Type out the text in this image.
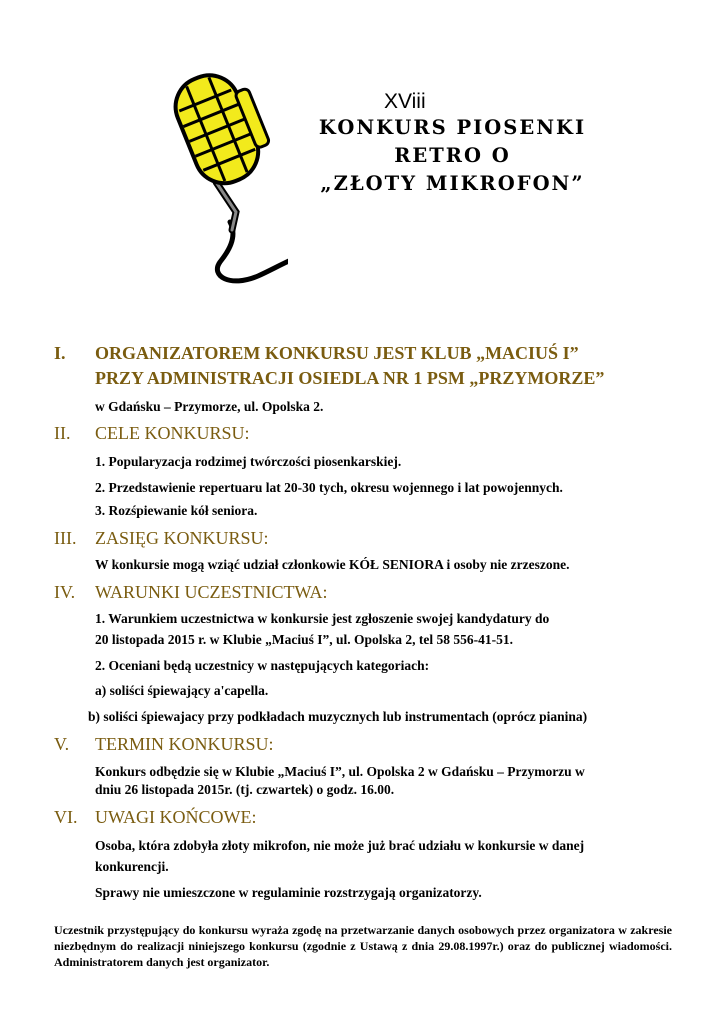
XViii
KONKURS PIOSENKI
RETRO O
„ZŁOTY MIKROFON”
I. ORGANIZATOREM KONKURSU JEST KLUB „MACIUŚ I”
PRZY ADMINISTRACJI OSIEDLA NR 1 PSM „PRZYMORZE”
w Gdańsku – Przymorze, ul. Opolska 2.
II. CELE KONKURSU:
1. Popularyzacja rodzimej twórczości piosenkarskiej.
2. Przedstawienie repertuaru lat 20-30 tych, okresu wojennego i lat powojennych.
3. Rozśpiewanie kół seniora.
III. ZASIĘG KONKURSU:
W konkursie mogą wziąć udział członkowie KÓŁ SENIORA i osoby nie zrzeszone.
IV. WARUNKI UCZESTNICTWA:
1. Warunkiem uczestnictwa w konkursie jest zgłoszenie swojej kandydatury do
20 listopada 2015 r. w Klubie „Maciuś I”, ul. Opolska 2, tel 58 556-41-51.
2. Oceniani będą uczestnicy w następujących kategoriach:
a) soliści śpiewający a'capella.
b) soliści śpiewajacy przy podkładach muzycznych lub instrumentach (oprócz pianina)
V. TERMIN KONKURSU:
Konkurs odbędzie się w Klubie „Maciuś I”, ul. Opolska 2 w Gdańsku – Przymorzu w
dniu 26 listopada 2015r. (tj. czwartek) o godz. 16.00.
VI. UWAGI KOŃCOWE:
Osoba, która zdobyła złoty mikrofon, nie może już brać udziału w konkursie w danej
konkurencji.
Sprawy nie umieszczone w regulaminie rozstrzygają organizatorzy.

Uczestnik przystępujący do konkursu wyraża zgodę na przetwarzanie danych osobowych przez organizatora w zakresie niezbędnym do realizacji niniejszego konkursu (zgodnie z Ustawą z dnia 29.08.1997r.) oraz do publicznej wiadomości. Administratorem danych jest organizator.
